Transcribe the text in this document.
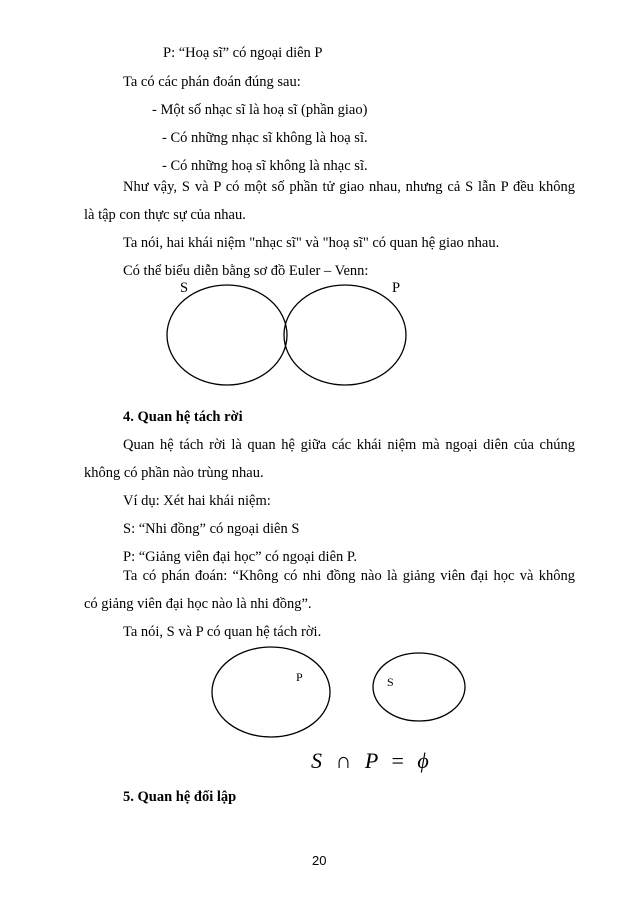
P: “Hoạ sĩ” có ngoại diên P
Ta có các phán đoán đúng sau:
- Một số nhạc sĩ là hoạ sĩ (phần giao)
- Có những nhạc sĩ không là hoạ sĩ.
- Có những hoạ sĩ không là nhạc sĩ.
Như vậy, S và P có một số phần tử giao nhau, nhưng cả S lẫn P đều không
là tập con thực sự của nhau.
Ta nói, hai khái niệm "nhạc sĩ" và "hoạ sĩ" có quan hệ giao nhau.
Có thể biểu diễn bằng sơ đồ Euler – Venn:
S	P
4. Quan hệ tách rời
Quan hệ tách rời là quan hệ giữa các khái niệm mà ngoại diên của chúng
không có phần nào trùng nhau.
Ví dụ: Xét hai khái niệm:
S: “Nhi đồng” có ngoại diên S
P: “Giảng viên đại học” có ngoại diên P.
Ta có phán đoán: “Không có nhi đồng nào là giảng viên đại học và không
có giảng viên đại học nào là nhi đồng”.
Ta nói, S và P có quan hệ tách rời.
P	S
S ∩ P = ϕ
5. Quan hệ đối lập
20
